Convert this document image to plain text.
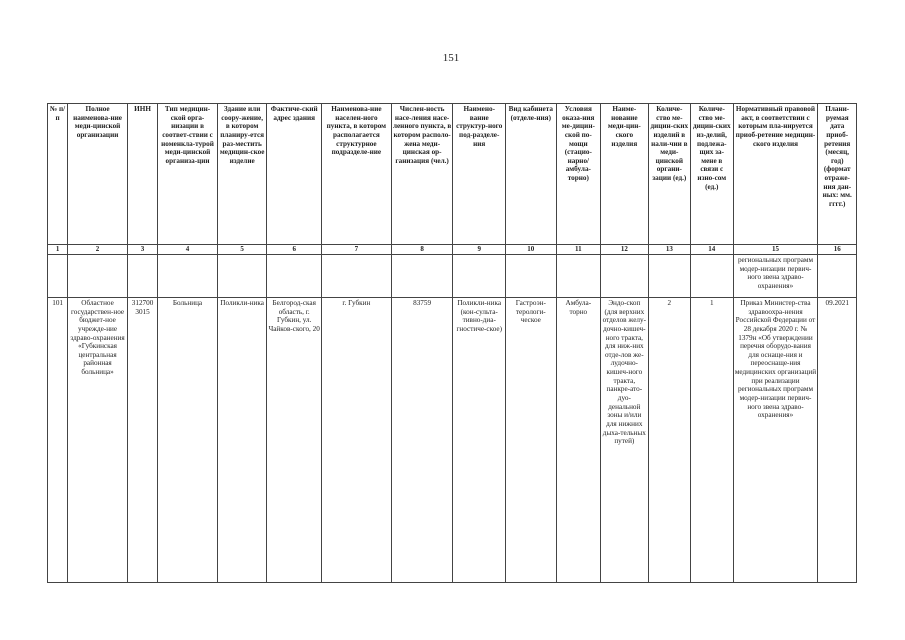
151
№ п/п	Полное наименова-ние меди-цинской организации	ИНН	Тип медицин-ской орга-низации в соответ-ствии с номенкла-турой меди-цинской организа-ции	Здание или соору-жение, в котором планиру-ется раз-местить медицин-ское изделие	Фактиче-ский адрес здания	Наименова-ние населен-ного пункта, в котором располагается структурное подразделе-ние	Числен-ность насе-ления насе-ленного пункта, в котором располо-жена меди-цинская ор-ганизация (чел.)	Наимено-вание структур-ного под-разделе-ния	Вид кабинета (отделе-ния)	Условия оказа-ния ме-дицин-ской по-мощи (стацио-нарно/ амбула-торно)	Наиме-нование меди-цин-ского изделия	Количе-ство ме-дицин-ских изделий в нали-чии в меди-цинской органи-зации (ед.)	Количе-ство ме-дицин-ских из-делий, подлежа-щих за-мене в связи с изно-сом (ед.)	Нормативный правовой акт, в соответствии с которым пла-нируется приоб-ретение медицин-ского изделия	Плани-руемая дата приоб-ретения (месяц, год) (формат отраже-ния дан-ных: мм. гггг.)
1	2	3	4	5	6	7	8	9	10	11	12	13	14	15	16
														региональных программ модер-низации первич-ного звена здраво-охранения»	
101	Областное государствен-ное бюджет-ное учрежде-ние здраво-охранения «Губкинская центральная районная больница»	312700 3015	Больница	Поликли-ника	Белгород-ская область, г. Губкин, ул. Чайков-ского, 20	г. Губкин	83759	Поликли-ника (кон-сульта-тивно-диа-гностиче-ское)	Гастроэн-терологи-ческое	Амбула-торно	Эндо-скоп (для верхних отделов желу-дочно-кишеч-ного тракта, для ниж-них отде-лов же-лудочно-кишеч-ного тракта, панкре-ато-дуо-денальной зоны и/или для нижних дыха-тельных путей)	2	1	Приказ Министер-ства здравоохра-нения Российской Федерации от 28 декабря 2020 г. № 1379н «Об утверждении перечня оборудо-вания для оснаще-ния и переоснаще-ния медицинских организаций при реализации региональных программ модер-низации первич-ного звена здраво-охранения»	09.2021
